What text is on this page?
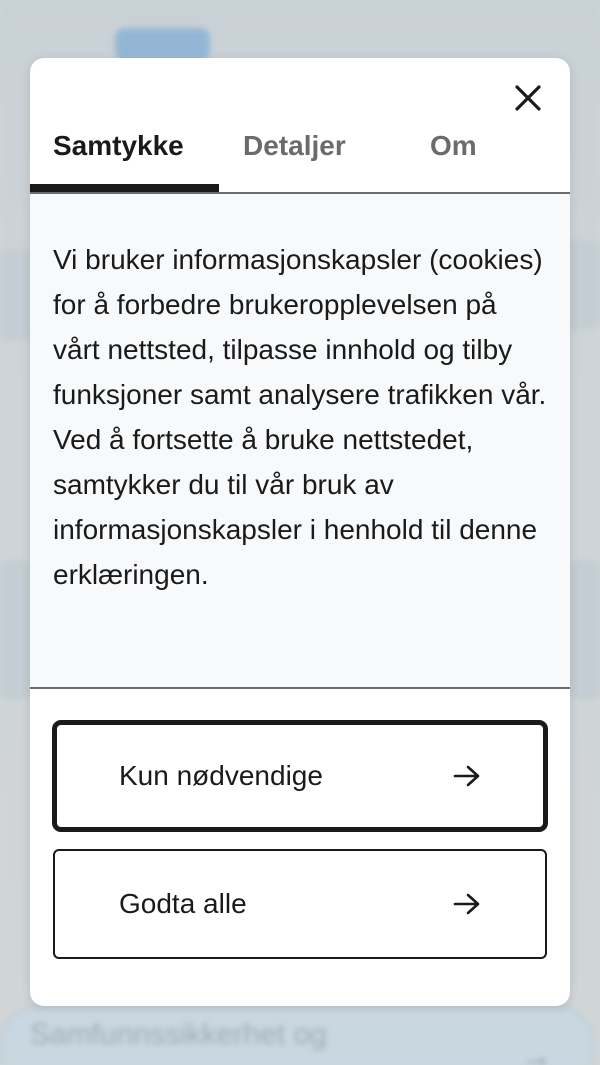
Samfunnssikkerhet og
→
Samtykke Detaljer	Om
Vi bruker informasjonskapsler (cookies) for å forbedre brukeropplevelsen på vårt nettsted, tilpasse innhold og tilby funksjoner samt analysere trafikken vår. Ved å fortsette å bruke nettstedet, samtykker du til vår bruk av informasjonskapsler i henhold til denne erklæringen.
Kun nødvendige
Godta alle
